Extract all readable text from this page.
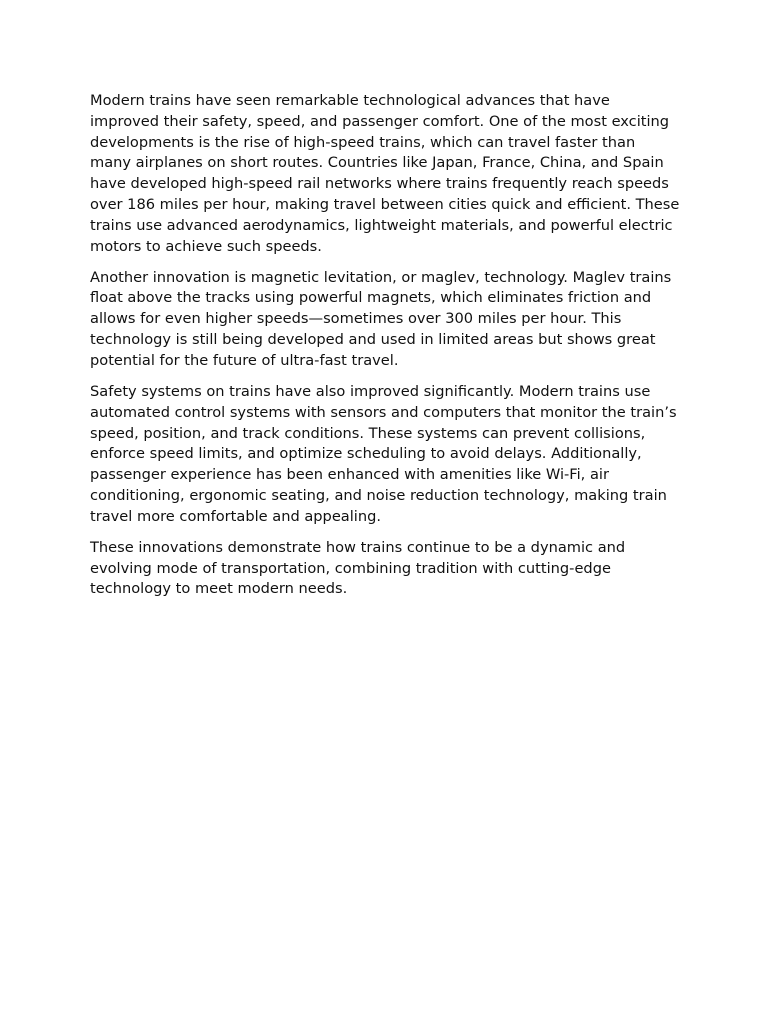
Modern trains have seen remarkable technological advances that have improved their safety, speed, and passenger comfort. One of the most exciting developments is the rise of high-speed trains, which can travel faster than many airplanes on short routes. Countries like Japan, France, China, and Spain have developed high-speed rail networks where trains frequently reach speeds over 186 miles per hour, making travel between cities quick and efficient. These trains use advanced aerodynamics, lightweight materials, and powerful electric motors to achieve such speeds.

Another innovation is magnetic levitation, or maglev, technology. Maglev trains float above the tracks using powerful magnets, which eliminates friction and allows for even higher speeds—sometimes over 300 miles per hour. This technology is still being developed and used in limited areas but shows great potential for the future of ultra-fast travel.

Safety systems on trains have also improved significantly. Modern trains use automated control systems with sensors and computers that monitor the train’s speed, position, and track conditions. These systems can prevent collisions, enforce speed limits, and optimize scheduling to avoid delays. Additionally, passenger experience has been enhanced with amenities like Wi-Fi, air conditioning, ergonomic seating, and noise reduction technology, making train travel more comfortable and appealing.

These innovations demonstrate how trains continue to be a dynamic and evolving mode of transportation, combining tradition with cutting-edge technology to meet modern needs.
